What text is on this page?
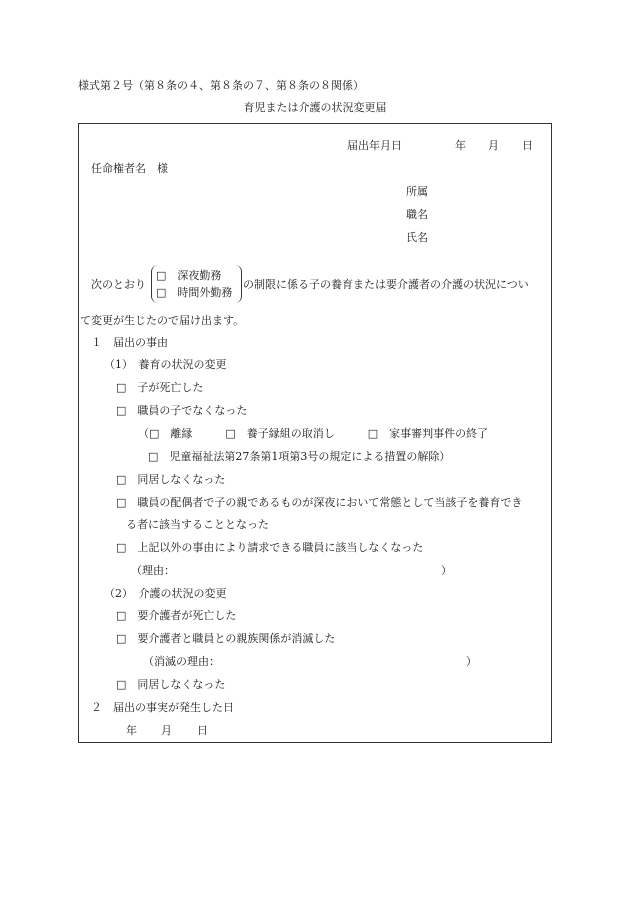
様式第２号（第８条の４、第８条の７、第８条の８関係）
育児または介護の状況変更届
届出年月日	年 月 日
任命権者名　様
所属
職名
氏名
次のとおり
□　深夜勤務
□　時間外勤務
の制限に係る子の養育または要介護者の介護の状況につい
て変更が生じたので届け出ます。
１　届出の事由
（1）　養育の状況の変更
□　子が死亡した
□　職員の子でなくなった
（□　離縁　　　□　養子縁組の取消し　　　□　家事審判事件の終了
□　児童福祉法第27条第1項第3号の規定による措置の解除）
□　同居しなくなった
□　職員の配偶者で子の親であるものが深夜において常態として当該子を養育でき
る者に該当することとなった
□　上記以外の事由により請求できる職員に該当しなくなった
（理由：	）
（2）　介護の状況の変更
□　要介護者が死亡した
□　要介護者と職員との親族関係が消滅した
（消滅の理由：	）
□　同居しなくなった
２　届出の事実が発生した日
年 月 日
